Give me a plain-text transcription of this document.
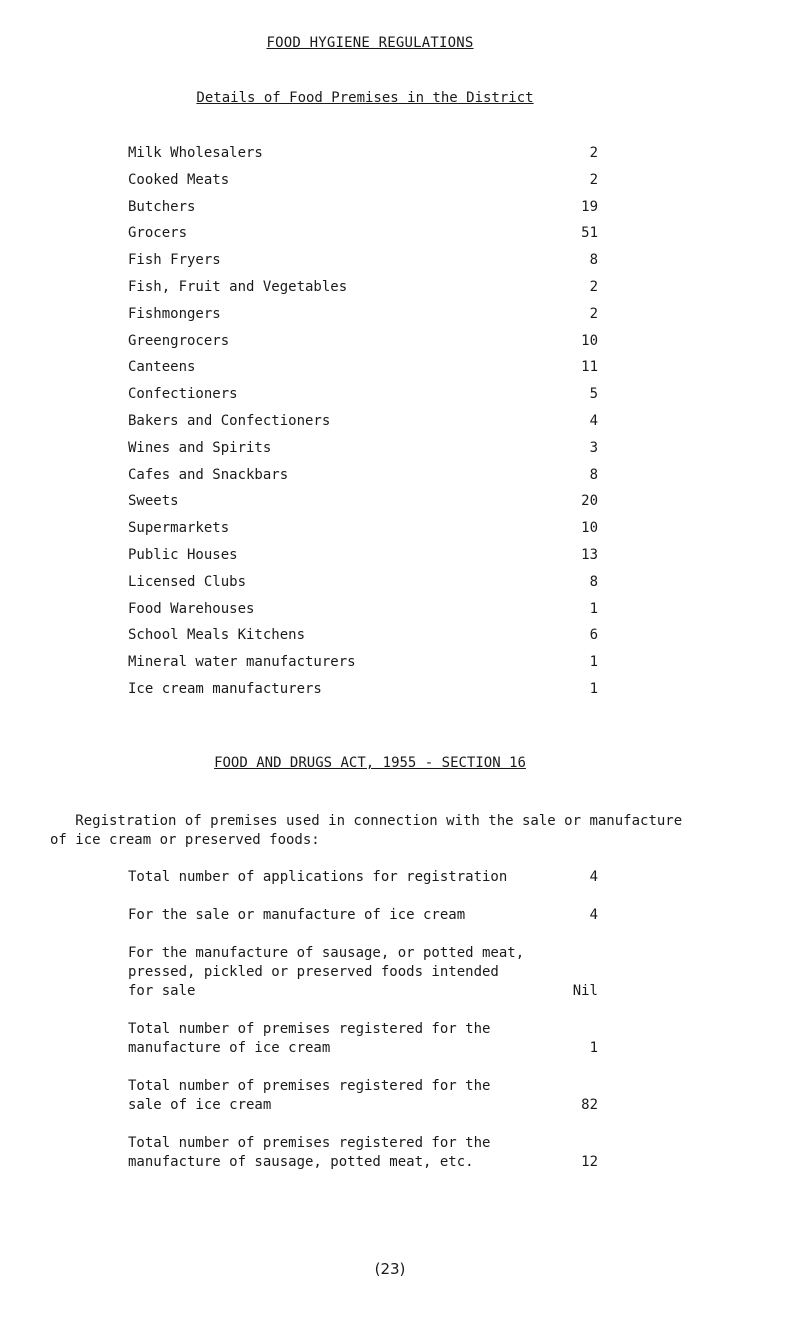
FOOD HYGIENE REGULATIONS
Details of Food Premises in the District
Milk Wholesalers	2
Cooked Meats	2
Butchers	19
Grocers	51
Fish Fryers	8
Fish, Fruit and Vegetables	2
Fishmongers	2
Greengrocers	10
Canteens	11
Confectioners	5
Bakers and Confectioners	4
Wines and Spirits	3
Cafes and Snackbars	8
Sweets	20
Supermarkets	10
Public Houses	13
Licensed Clubs	8
Food Warehouses	1
School Meals Kitchens	6
Mineral water manufacturers	1
Ice cream manufacturers	1
FOOD AND DRUGS ACT, 1955 - SECTION 16
Registration of premises used in connection with the sale or manufacture
of ice cream or preserved foods:
Total number of applications for registration	4
For the sale or manufacture of ice cream	4
For the manufacture of sausage, or potted meat,
pressed, pickled or preserved foods intended
for sale	Nil
Total number of premises registered for the
manufacture of ice cream	1
Total number of premises registered for the
sale of ice cream	82
Total number of premises registered for the
manufacture of sausage, potted meat, etc.	12
(23)
